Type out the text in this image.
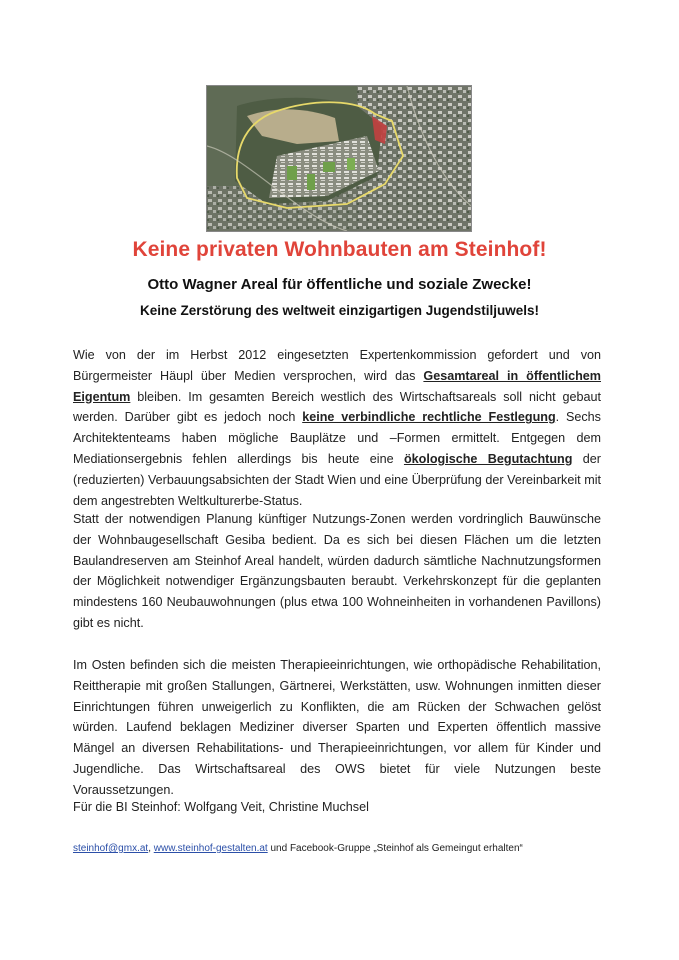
Keine privaten Wohnbauten am Steinhof!
Otto Wagner Areal für öffentliche und soziale Zwecke!
Keine Zerstörung des weltweit einzigartigen Jugendstiljuwels!
Wie von der im Herbst 2012 eingesetzten Expertenkommission gefordert und von Bürgermeister Häupl über Medien versprochen, wird das Gesamtareal in öffentlichem Eigentum bleiben. Im gesamten Bereich westlich des Wirtschaftsareals soll nicht gebaut werden. Darüber gibt es jedoch noch keine verbindliche rechtliche Festlegung. Sechs Architektenteams haben mögliche Bauplätze und –Formen ermittelt. Entgegen dem Mediationsergebnis fehlen allerdings bis heute eine ökologische Begutachtung der (reduzierten) Verbauungsabsichten der Stadt Wien und eine Überprüfung der Vereinbarkeit mit dem angestrebten Weltkulturerbe-Status.
Statt der notwendigen Planung künftiger Nutzungs-Zonen werden vordringlich Bauwünsche der Wohnbaugesellschaft Gesiba bedient. Da es sich bei diesen Flächen um die letzten Baulandreserven am Steinhof Areal handelt, würden dadurch sämtliche Nachnutzungsformen der Möglichkeit notwendiger Ergänzungsbauten beraubt. Verkehrskonzept für die geplanten mindestens 160 Neubauwohnungen (plus etwa 100 Wohneinheiten in vorhandenen Pavillons) gibt es nicht.
Im Osten befinden sich die meisten Therapieeinrichtungen, wie orthopädische Rehabilitation, Reittherapie mit großen Stallungen, Gärtnerei, Werkstätten, usw. Wohnungen inmitten dieser Einrichtungen führen unweigerlich zu Konflikten, die am Rücken der Schwachen gelöst würden. Laufend beklagen Mediziner diverser Sparten und Experten öffentlich massive Mängel an diversen Rehabilitations- und Therapieeinrichtungen, vor allem für Kinder und Jugendliche. Das Wirtschaftsareal des OWS bietet für viele Nutzungen beste Voraussetzungen.
Für die BI Steinhof: Wolfgang Veit, Christine Muchsel
steinhof@gmx.at, www.steinhof-gestalten.at und Facebook-Gruppe „Steinhof als Gemeingut erhalten“
